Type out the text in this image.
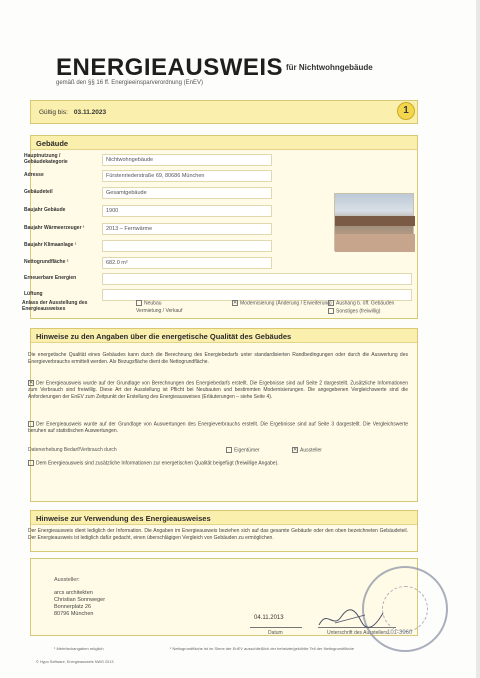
ENERGIEAUSWEIS für Nichtwohngebäude
gemäß den §§ 16 ff. Energieeinsparverordnung (EnEV)
Gültig bis: 03.11.2023	1
Gebäude
Hauptnutzung / Gebäudekategorie	Nichtwohngebäude
Adresse	Fürstenriederstraße 69, 80686 München
Gebäudeteil	Gesamtgebäude
Baujahr Gebäude	1900
Baujahr Wärmeerzeuger ¹	2013 – Fernwärme
Baujahr Klimaanlage ¹
Nettogrundfläche ²	682.0 m²
Erneuerbare Energien
Lüftung
Anlass der Ausstellung des Energieausweises
Neubau
Vermietung / Verkauf
✕ Modernisierung (Änderung / Erweiterung) Aushang b. öff. Gebäuden
Sonstiges (freiwillig)
Hinweise zu den Angaben über die energetische Qualität des Gebäudes
Die energetische Qualität eines Gebäudes kann durch die Berechnung des Energiebedarfs unter standardisierten Randbedingungen oder durch die Auswertung des Energieverbrauchs ermittelt werden. Als Bezugsfläche dient die Nettogrundfläche.
✕ Der Energieausweis wurde auf der Grundlage von Berechnungen des Energiebedarfs erstellt. Die Ergebnisse sind auf Seite 2 dargestellt. Zusätzliche Informationen zum Verbrauch sind freiwillig. Diese Art der Ausstellung ist Pflicht bei Neubauten und bestimmten Modernisierungen. Die angegebenen Vergleichswerte sind die Anforderungen der EnEV zum Zeitpunkt der Erstellung des Energieausweises (Erläuterungen – siehe Seite 4).
Der Energieausweis wurde auf der Grundlage von Auswertungen des Energieverbrauchs erstellt. Die Ergebnisse sind auf Seite 3 dargestellt. Die Vergleichswerte beruhen auf statistischen Auswertungen.
Datenerhebung Bedarf/Verbrauch durch	Eigentümer	✕ Aussteller
Dem Energieausweis sind zusätzliche Informationen zur energetischen Qualität beigefügt (freiwillige Angabe).
Hinweise zur Verwendung des Energieausweises
Der Energieausweis dient lediglich der Information. Die Angaben im Energieausweis beziehen sich auf das gesamte Gebäude oder den oben bezeichneten Gebäudeteil. Der Energieausweis ist lediglich dafür gedacht, einen überschlägigen Vergleich von Gebäuden zu ermöglichen.
Aussteller:
arcs architekten
Christian Sonnweger
Bonnerplatz 26
80796 München
04.11.2013
Datum	Unterschrift des Ausstellers 101-3960
¹ Mehrfachangaben möglich	² Nettogrundfläche ist im Sinne der EnEV ausschließlich der beheizte/gekühlte Teil der Nettogrundfläche
© Hypo Software, Energieausweis NWG 2013
